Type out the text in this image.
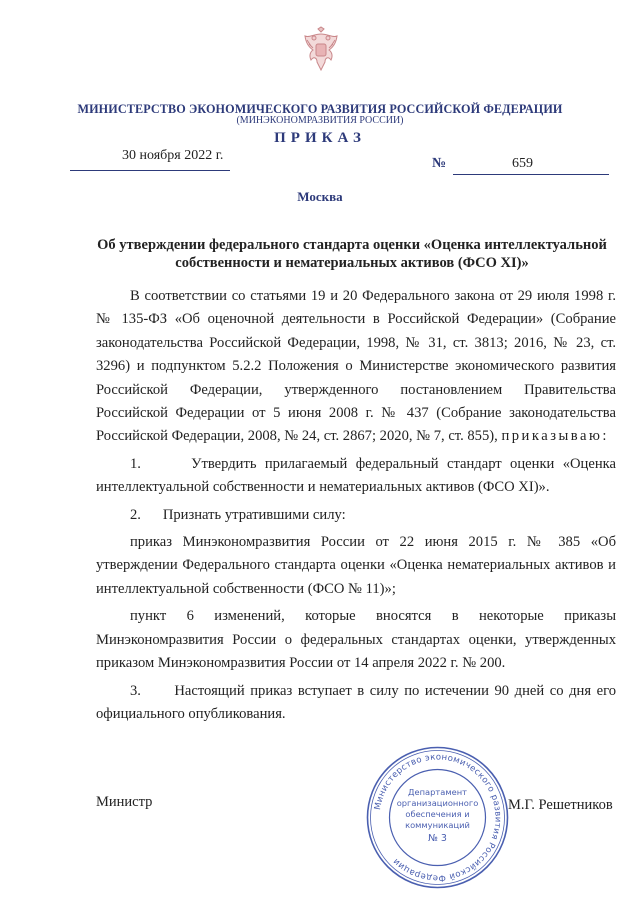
МИНИСТЕРСТВО ЭКОНОМИЧЕСКОГО РАЗВИТИЯ РОССИЙСКОЙ ФЕДЕРАЦИИ
(МИНЭКОНОМРАЗВИТИЯ РОССИИ)
ПРИКАЗ
30 ноября 2022 г.
№	659
Москва
Об утверждении федерального стандарта оценки «Оценка интеллектуальной
собственности и нематериальных активов (ФСО XI)»

В соответствии со статьями 19 и 20 Федерального закона от 29 июля 1998 г. № 135-ФЗ «Об оценочной деятельности в Российской Федерации» (Собрание законодательства Российской Федерации, 1998, № 31, ст. 3813; 2016, № 23, ст. 3296) и подпунктом 5.2.2 Положения о Министерстве экономического развития Российской Федерации, утвержденного постановлением Правительства Российской Федерации от 5 июня 2008 г. № 437 (Собрание законодательства Российской Федерации, 2008, № 24, ст. 2867; 2020, № 7, ст. 855), приказываю:

1.      Утвердить прилагаемый федеральный стандарт оценки «Оценка интеллектуальной собственности и нематериальных активов (ФСО XI)».

2.      Признать утратившими силу:

приказ Минэкономразвития России от 22 июня 2015 г. № 385 «Об утверждении Федерального стандарта оценки «Оценка нематериальных активов и интеллектуальной собственности (ФСО № 11)»;

пункт 6 изменений, которые вносятся в некоторые приказы Минэкономразвития России о федеральных стандартах оценки, утвержденных приказом Минэкономразвития России от 14 апреля 2022 г. № 200.

3.      Настоящий приказ вступает в силу по истечении 90 дней со дня его официального опубликования.

Министр	М.Г. Решетников
Министерство экономического развития Российской Федерации
Департамент
организационного
обеспечения и
коммуникаций
№ 3
